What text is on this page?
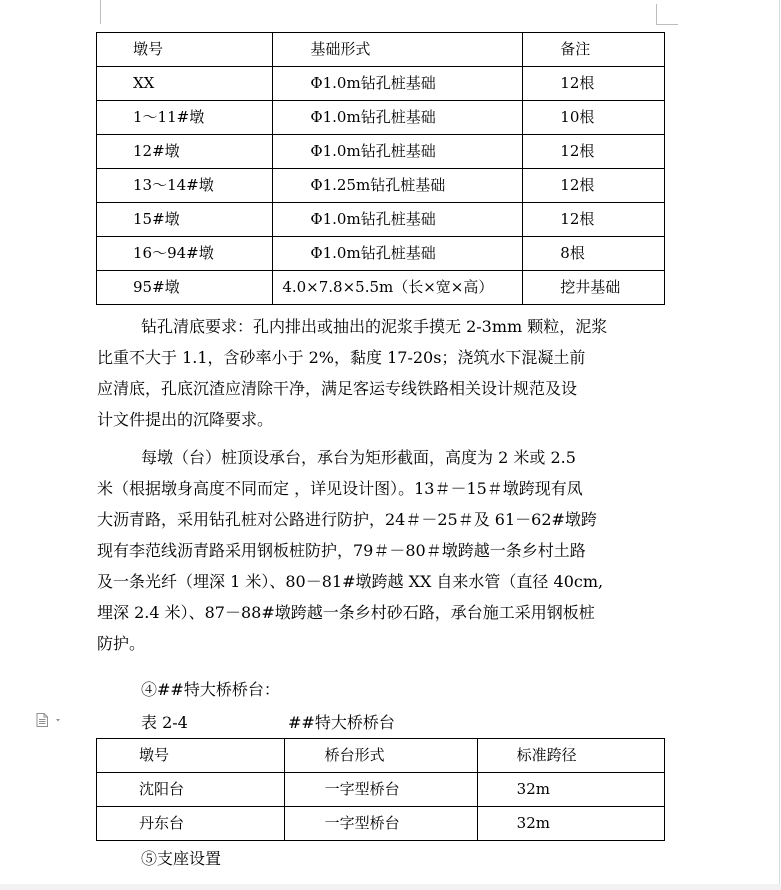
墩号	基础形式	备注
XX	Φ1.0m钻孔桩基础	12根
1～11#墩	Φ1.0m钻孔桩基础	10根
12#墩	Φ1.0m钻孔桩基础	12根
13～14#墩	Φ1.25m钻孔桩基础	12根
15#墩	Φ1.0m钻孔桩基础	12根
16～94#墩	Φ1.0m钻孔桩基础	8根
95#墩	4.0×7.8×5.5m（长×宽×高）	挖井基础
钻孔清底要求：孔内排出或抽出的泥浆手摸无 2-3mm 颗粒，泥浆
比重不大于 1.1，含砂率小于 2%，黏度 17-20s；浇筑水下混凝土前
应清底，孔底沉渣应清除干净，满足客运专线铁路相关设计规范及设
计文件提出的沉降要求。
每墩（台）桩顶设承台，承台为矩形截面，高度为 2 米或 2.5
米（根据墩身高度不同而定 ，详见设计图）。13＃－15＃墩跨现有凤
大沥青路，采用钻孔桩对公路进行防护，24＃－25＃及 61－62#墩跨
现有李范线沥青路采用钢板桩防护，79＃－80＃墩跨越一条乡村土路
及一条光纤（埋深 1 米）、80－81#墩跨越 XX 自来水管（直径 40cm,
埋深 2.4 米）、87－88#墩跨越一条乡村砂石路，承台施工采用钢板桩
防护。
④##特大桥桥台：
表 2-4	##特大桥桥台
墩号	桥台形式	标准跨径
沈阳台	一字型桥台	32m
丹东台	一字型桥台	32m
⑤支座设置
